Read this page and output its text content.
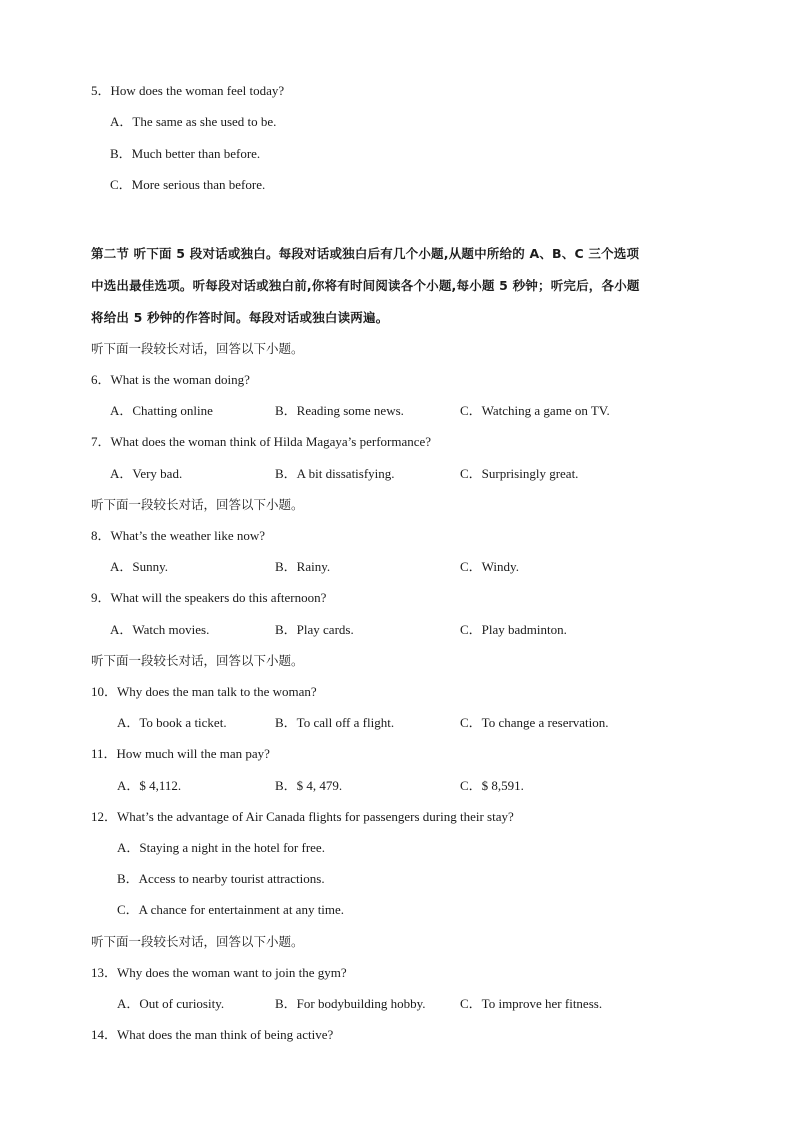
5．How does the woman feel today?
A．The same as she used to be.
B．Much better than before.
C．More serious than before.
第二节 听下面 5 段对话或独白。每段对话或独白后有几个小题,从题中所给的 A、B、C 三个选项
中选出最佳选项。听每段对话或独白前,你将有时间阅读各个小题,每小题 5 秒钟；听完后，各小题
将给出 5 秒钟的作答时间。每段对话或独白读两遍。
听下面一段较长对话，回答以下小题。
6．What is the woman doing?
A．Chatting online	B．Reading some news.	C．Watching a game on TV.
7．What does the woman think of Hilda Magaya’s performance?
A．Very bad.	B．A bit dissatisfying.	C．Surprisingly great.
听下面一段较长对话，回答以下小题。
8．What’s the weather like now?
A．Sunny.	B．Rainy.	C．Windy.
9．What will the speakers do this afternoon?
A．Watch movies.	B．Play cards.	C．Play badminton.
听下面一段较长对话，回答以下小题。
10．Why does the man talk to the woman?
A．To book a ticket.	B．To call off a flight.	C．To change a reservation.
11．How much will the man pay?
A．$ 4,112.	B．$ 4, 479.	C．$ 8,591.
12．What’s the advantage of Air Canada flights for passengers during their stay?
A．Staying a night in the hotel for free.
B．Access to nearby tourist attractions.
C．A chance for entertainment at any time.
听下面一段较长对话，回答以下小题。
13．Why does the woman want to join the gym?
A．Out of curiosity.	B．For bodybuilding hobby.	C．To improve her fitness.
14．What does the man think of being active?
